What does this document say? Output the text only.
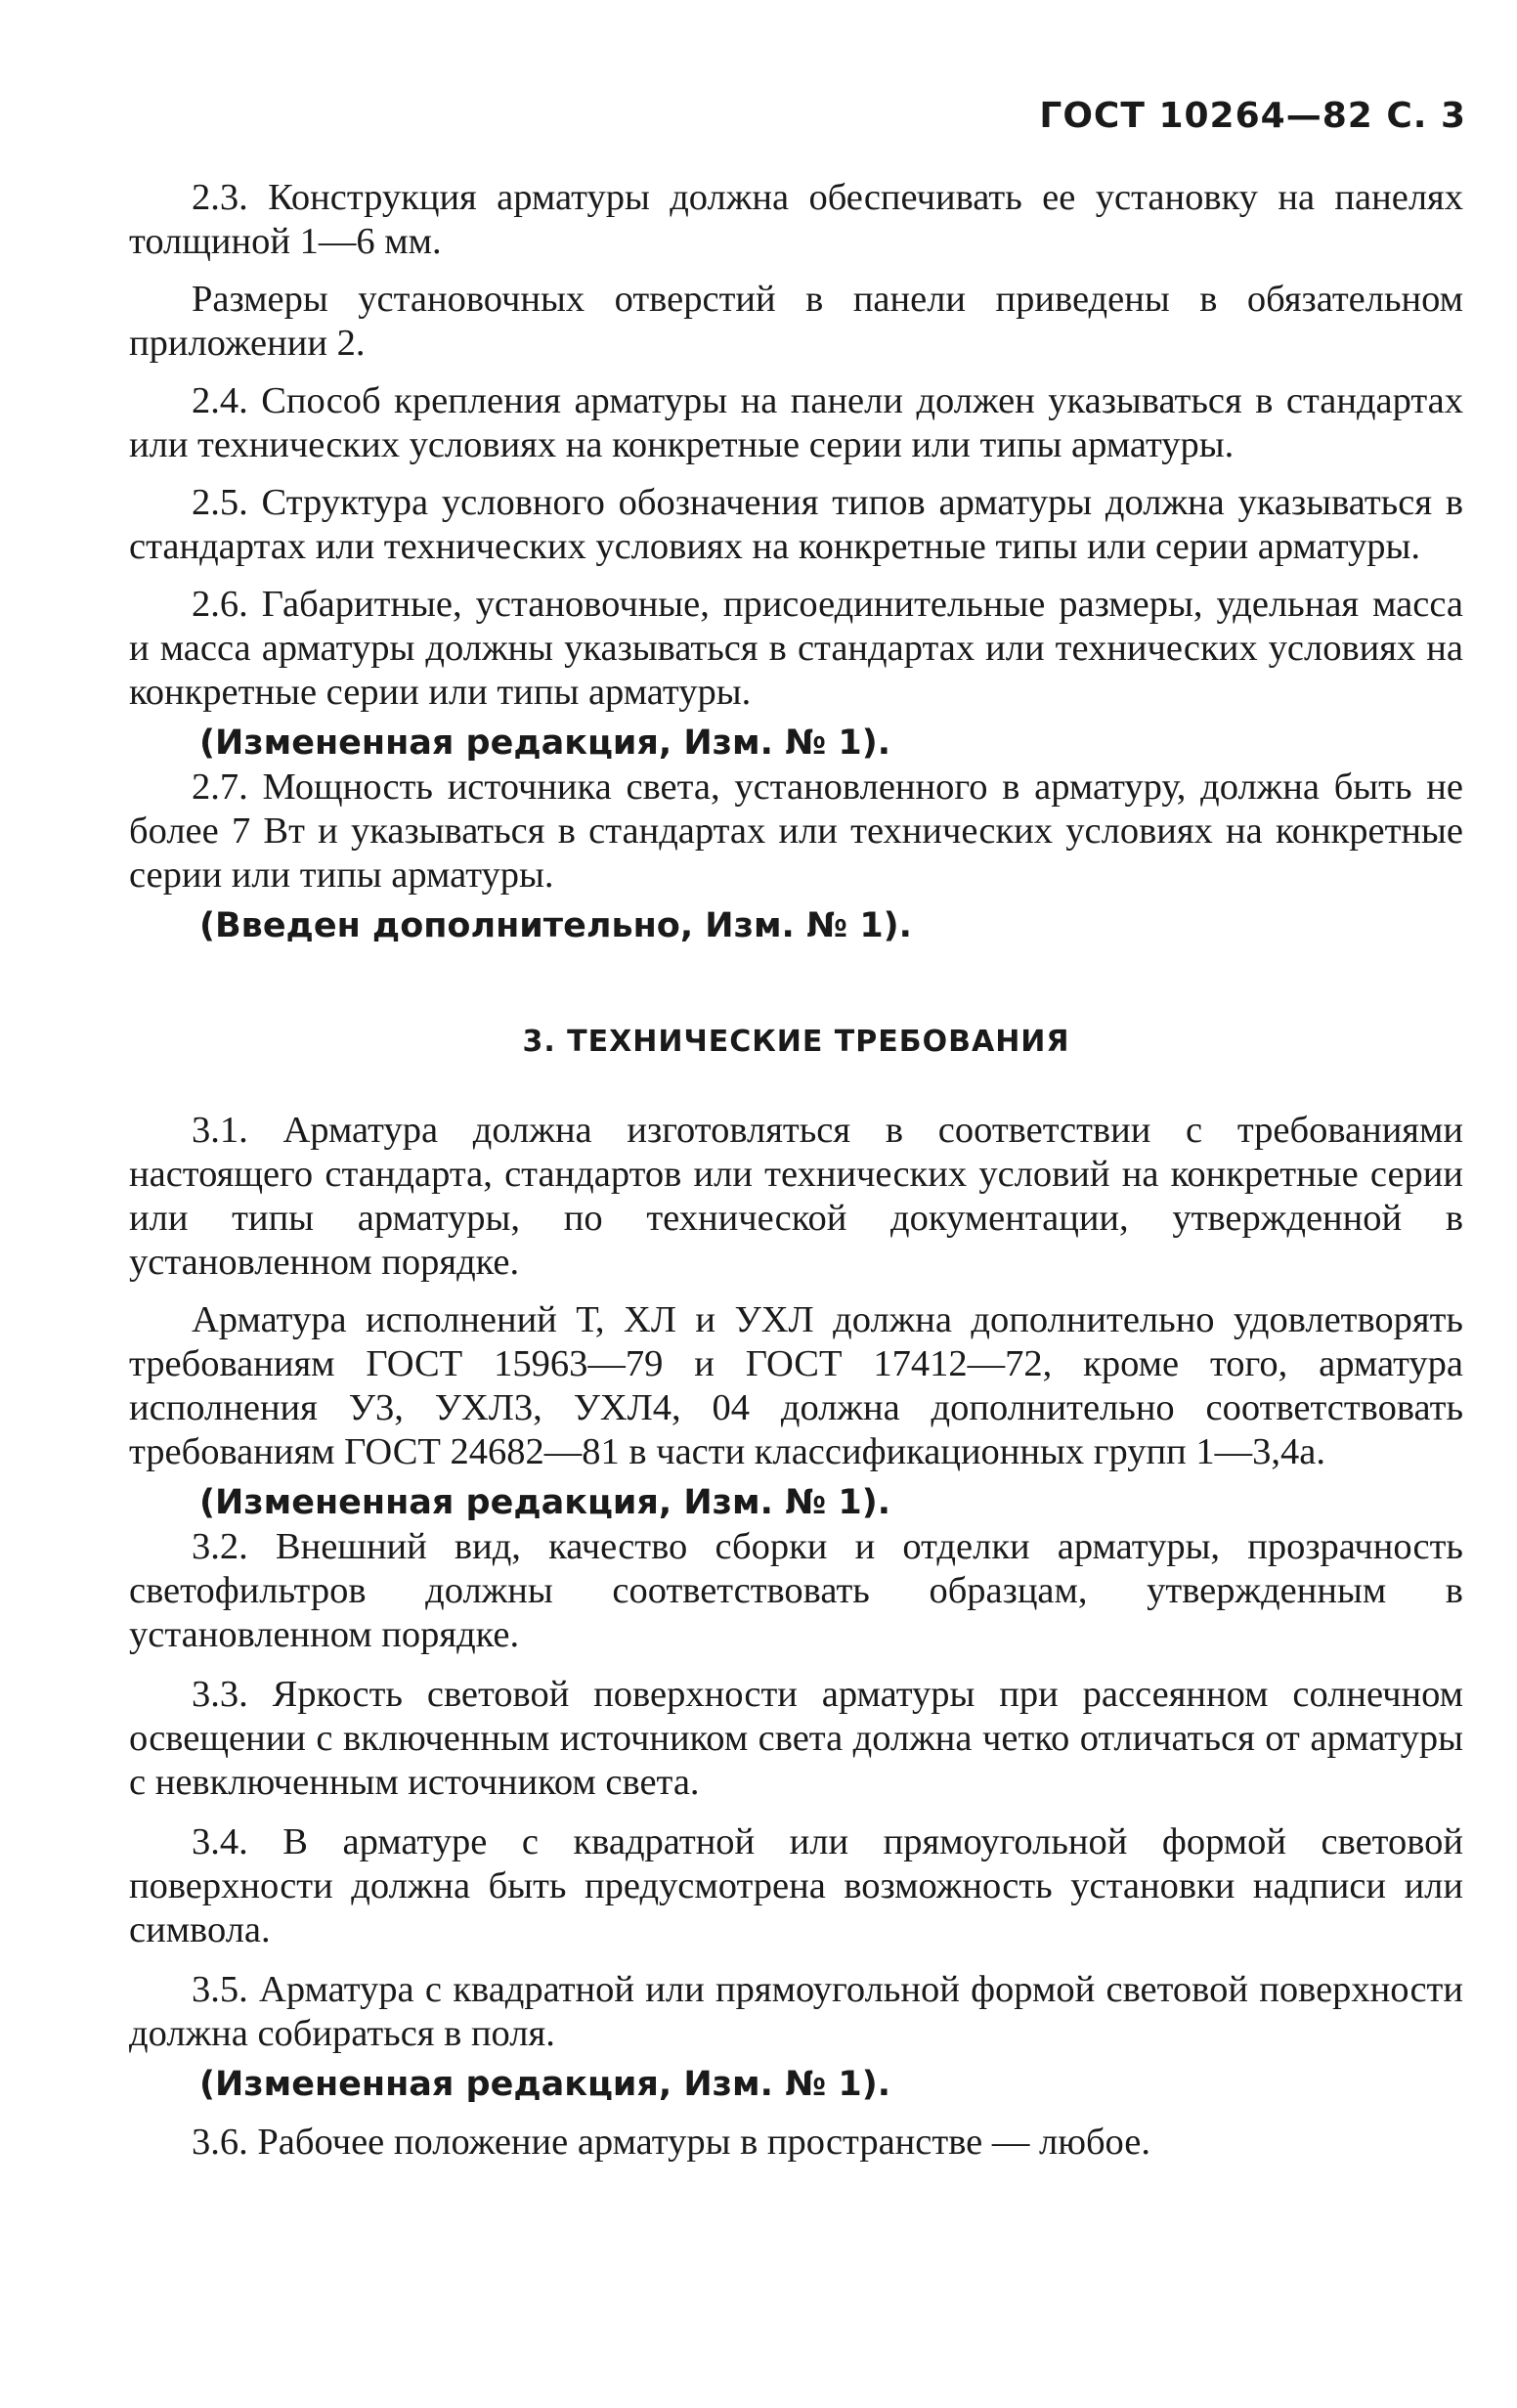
ГОСТ 10264—82 С. 3

2.3. Конструкция арматуры должна обеспечивать ее установку на панелях толщиной 1—6 мм.

Размеры установочных отверстий в панели приведены в обязательном приложении 2.

2.4. Способ крепления арматуры на панели должен указываться в стандартах или технических условиях на конкретные серии или типы арматуры.

2.5. Структура условного обозначения типов арматуры должна указываться в стандартах или технических условиях на конкретные типы или серии арматуры.

2.6. Габаритные, установочные, присоединительные размеры, удельная масса и масса арматуры должны указываться в стандартах или технических условиях на конкретные серии или типы арматуры.

(Измененная редакция, Изм. № 1).

2.7. Мощность источника света, установленного в арматуру, должна быть не более 7 Вт и указываться в стандартах или технических условиях на конкретные серии или типы арматуры.

(Введен дополнительно, Изм. № 1).

3. ТЕХНИЧЕСКИЕ ТРЕБОВАНИЯ

3.1. Арматура должна изготовляться в соответствии с требованиями настоящего стандарта, стандартов или технических условий на конкретные серии или типы арматуры, по технической документации, утвержденной в установленном порядке.

Арматура исполнений Т, ХЛ и УХЛ должна дополнительно удовлетворять требованиям ГОСТ 15963—79 и ГОСТ 17412—72, кроме того, арматура исполнения У3, УХЛ3, УХЛ4, 04 должна дополнительно соответствовать требованиям ГОСТ 24682—81 в части классификационных групп 1—3,4а.

(Измененная редакция, Изм. № 1).

3.2. Внешний вид, качество сборки и отделки арматуры, прозрачность светофильтров должны соответствовать образцам, утвержденным в установленном порядке.

3.3. Яркость световой поверхности арматуры при рассеянном солнечном освещении с включенным источником света должна четко отличаться от арматуры с невключенным источником света.

3.4. В арматуре с квадратной или прямоугольной формой световой поверхности должна быть предусмотрена возможность установки надписи или символа.

3.5. Арматура с квадратной или прямоугольной формой световой поверхности должна собираться в поля.

(Измененная редакция, Изм. № 1).

3.6. Рабочее положение арматуры в пространстве — любое.
